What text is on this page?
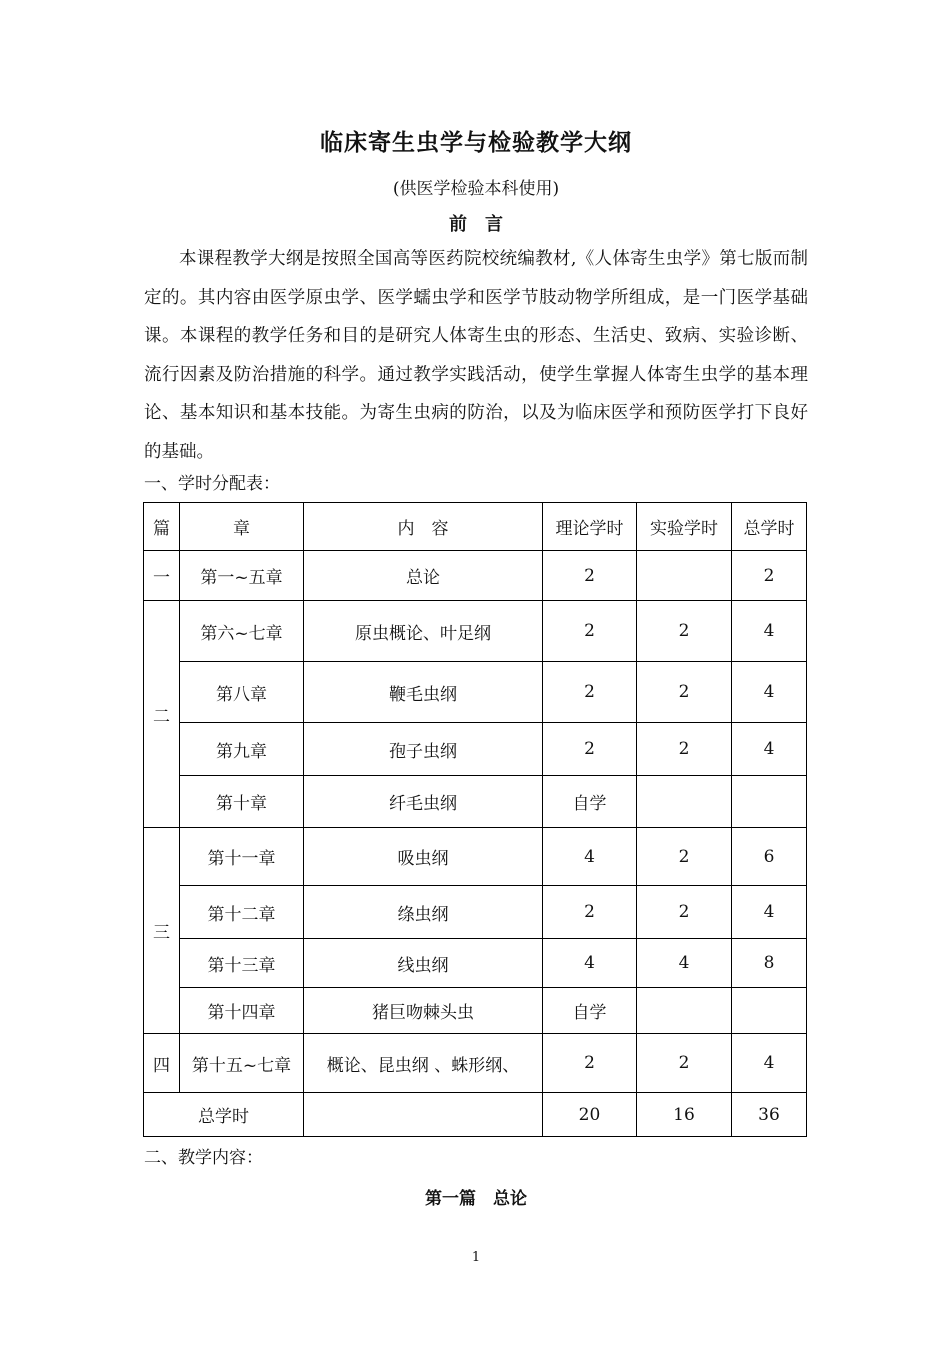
临床寄生虫学与检验教学大纲
(供医学检验本科使用)
前　言

本课程教学大纲是按照全国高等医药院校统编教材,《人体寄生虫学》第七版而制定的。其内容由医学原虫学、医学蠕虫学和医学节肢动物学所组成，是一门医学基础课。本课程的教学任务和目的是研究人体寄生虫的形态、生活史、致病、实验诊断、流行因素及防治措施的科学。通过教学实践活动，使学生掌握人体寄生虫学的基本理论、基本知识和基本技能。为寄生虫病的防治，以及为临床医学和预防医学打下良好的基础。

一、学时分配表：
篇	章	内　容	理论学时	实验学时	总学时
一	第一~五章	总论	2		2
二	第六~七章	原虫概论、叶足纲	2	2	4
	第八章	鞭毛虫纲	2	2	4
	第九章	孢子虫纲	2	2	4
	第十章	纤毛虫纲	自学		
三	第十一章	吸虫纲	4	2	6
	第十二章	绦虫纲	2	2	4
	第十三章	线虫纲	4	4	8
	第十四章	猪巨吻棘头虫	自学		
四	第十五~七章	概论、昆虫纲 、蛛形纲、	2	2	4
总学时			20	16	36
二、教学内容：
第一篇　总论
1
